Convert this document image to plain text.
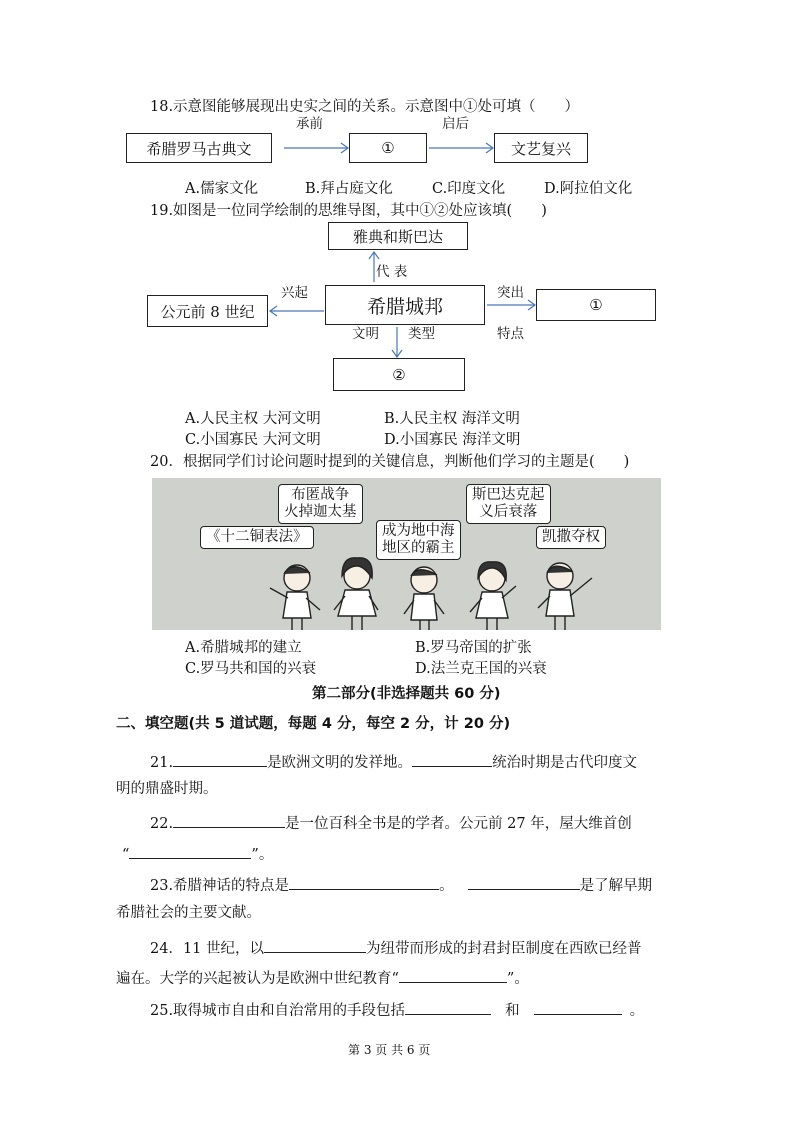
18.示意图能够展现出史实之间的关系。示意图中①处可填（　　）
希腊罗马古典文	①	文艺复兴
承前	启后
A.儒家文化	B.拜占庭文化	C.印度文化	D.阿拉伯文化
19.如图是一位同学绘制的思维导图，其中①②处应该填(　　)
雅典和斯巴达
代 表
希腊城邦
公元前 8 世纪
兴起
①
突出
特点
文明 类型
②
A.人民主权 大河文明	B.人民主权 海洋文明
C.小国寡民 大河文明	D.小国寡民 海洋文明
20．根据同学们讨论问题时提到的关键信息，判断他们学习的主题是(　　)
《十二铜表法》
布匿战争
火掉迦太基
成为地中海
地区的霸主
斯巴达克起
义后衰落
凯撒夺权
A.希腊城邦的建立	B.罗马帝国的扩张
C.罗马共和国的兴衰	D.法兰克王国的兴衰
第二部分(非选择题共 60 分)
二、填空题(共 5 道试题，每题 4 分，每空 2 分，计 20 分)
21.	是欧洲文明的发祥地。	统治时期是古代印度文
明的鼎盛时期。
22.	是一位百科全书是的学者。公元前 27 年，屋大维首创
“	”。
23.希腊神话的特点是	。	是了解早期
希腊社会的主要文献。
24．11 世纪，以	为纽带而形成的封君封臣制度在西欧已经普
遍在。大学的兴起被认为是欧洲中世纪教育“	”。
25.取得城市自由和自治常用的手段包括	和	。
第 3 页 共 6 页
